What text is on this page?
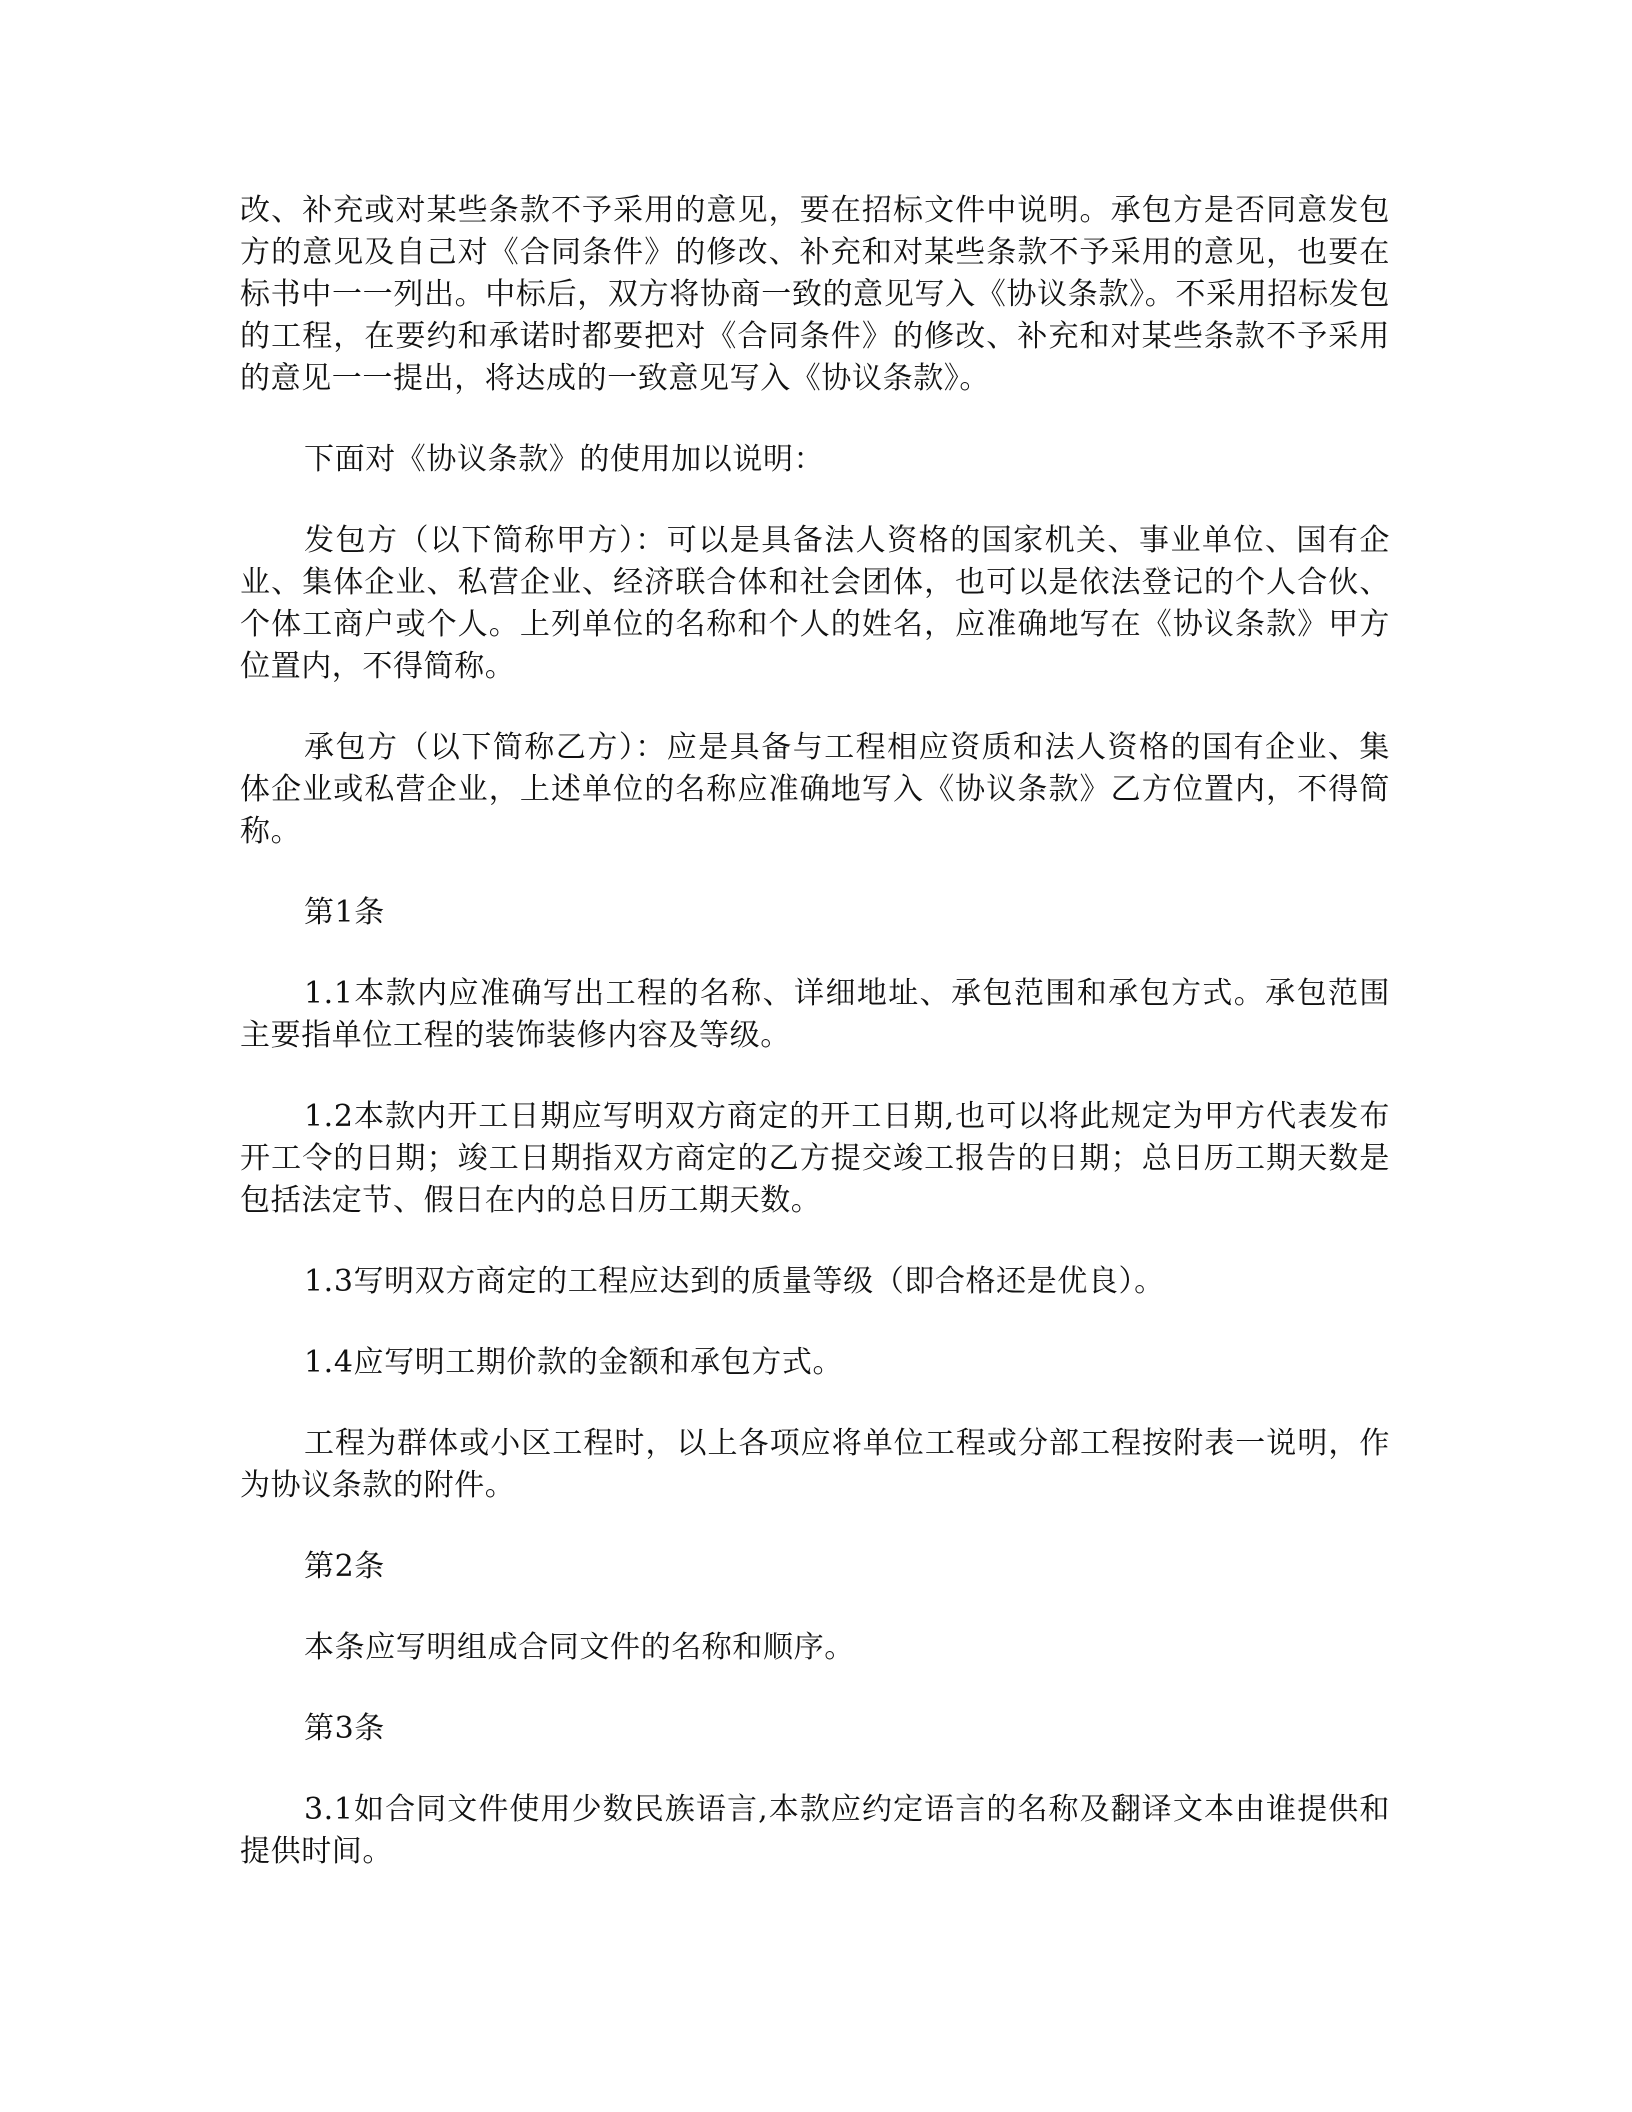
改、补充或对某些条款不予采用的意见，要在招标文件中说明。承包方是否同意发包方的意见及自己对《合同条件》的修改、补充和对某些条款不予采用的意见，也要在标书中一一列出。中标后，双方将协商一致的意见写入《协议条款》。不采用招标发包的工程，在要约和承诺时都要把对《合同条件》的修改、补充和对某些条款不予采用的意见一一提出，将达成的一致意见写入《协议条款》。

下面对《协议条款》的使用加以说明：

发包方（以下简称甲方）：可以是具备法人资格的国家机关、事业单位、国有企业、集体企业、私营企业、经济联合体和社会团体，也可以是依法登记的个人合伙、个体工商户或个人。上列单位的名称和个人的姓名，应准确地写在《协议条款》甲方位置内，不得简称。

承包方（以下简称乙方）：应是具备与工程相应资质和法人资格的国有企业、集体企业或私营企业，上述单位的名称应准确地写入《协议条款》乙方位置内，不得简称。

第1条

1.1本款内应准确写出工程的名称、详细地址、承包范围和承包方式。承包范围主要指单位工程的装饰装修内容及等级。

1.2本款内开工日期应写明双方商定的开工日期,也可以将此规定为甲方代表发布开工令的日期；竣工日期指双方商定的乙方提交竣工报告的日期；总日历工期天数是包括法定节、假日在内的总日历工期天数。

1.3写明双方商定的工程应达到的质量等级（即合格还是优良）。

1.4应写明工期价款的金额和承包方式。

工程为群体或小区工程时，以上各项应将单位工程或分部工程按附表一说明，作为协议条款的附件。

第2条

本条应写明组成合同文件的名称和顺序。

第3条

3.1如合同文件使用少数民族语言,本款应约定语言的名称及翻译文本由谁提供和提供时间。
